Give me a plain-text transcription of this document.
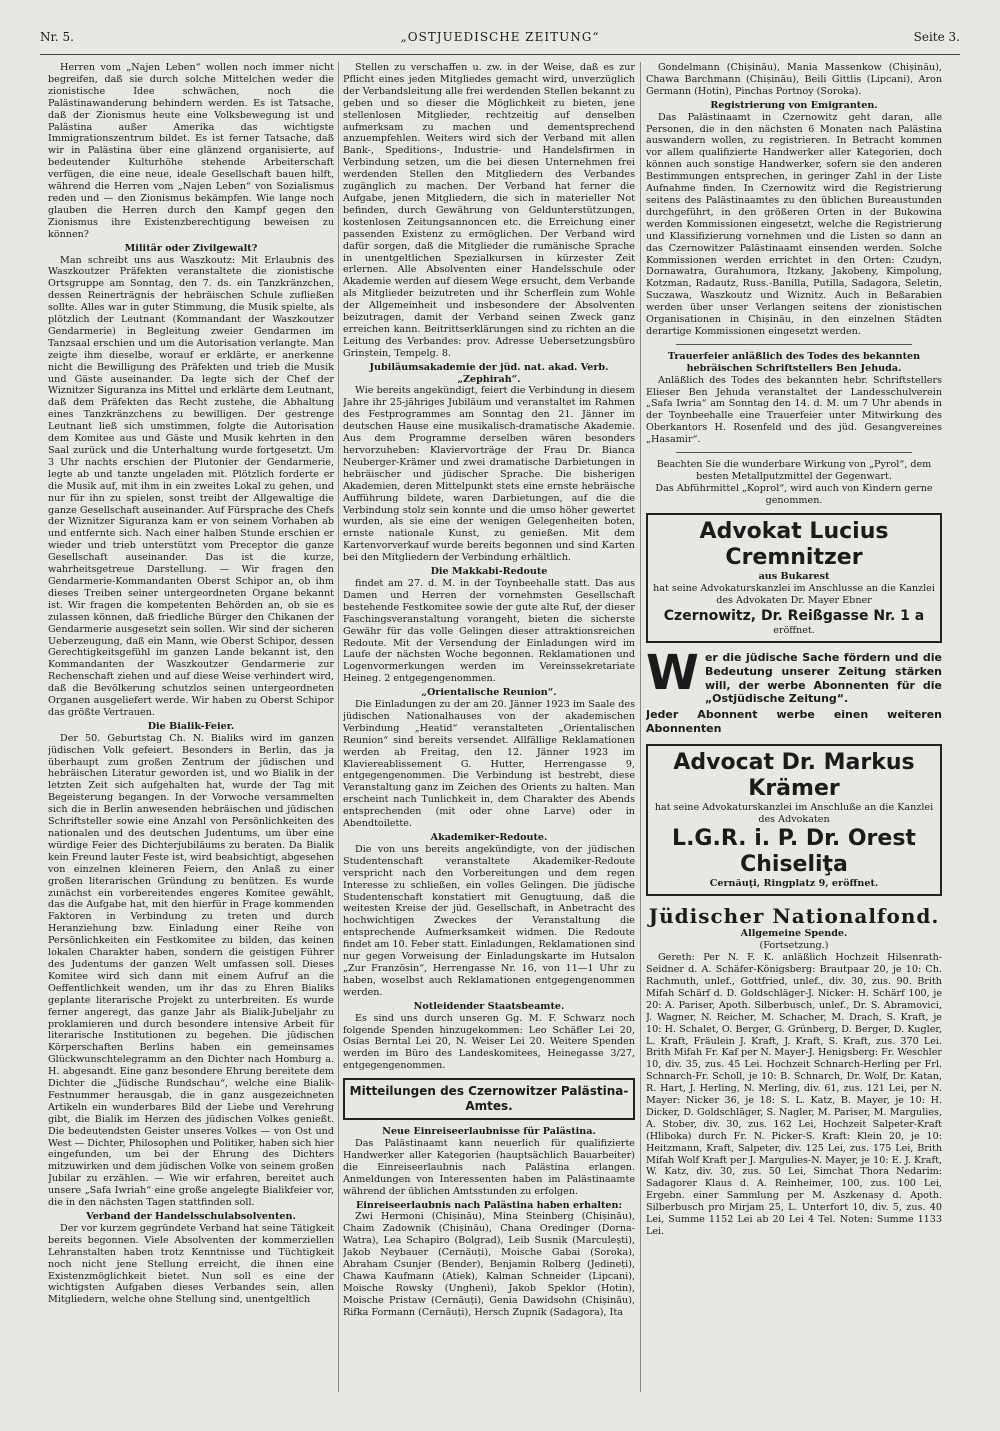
Nr. 5.	„OSTJUEDISCHE ZEITUNG“	Seite 3.

Herren vom „Najen Leben“ wollen noch immer nicht begreifen, daß sie durch solche Mittelchen weder die zionistische Idee schwächen, noch die Palästinawanderung behindern werden. Es ist Tatsache, daß der Zionismus heute eine Volksbewegung ist und Palästina außer Amerika das wichtigste Immigrationszentrum bildet. Es ist ferner Tatsache, daß wir in Palästina über eine glänzend organisierte, auf bedeutender Kulturhöhe stehende Arbeiterschaft verfügen, die eine neue, ideale Gesellschaft bauen hilft, während die Herren vom „Najen Leben“ von Sozialismus reden und — den Zionismus bekämpfen. Wie lange noch glauben die Herren durch den Kampf gegen den Zionismus ihre Existenzberechtigung beweisen zu können?

Militär oder Zivilgewalt?

Man schreibt uns aus Waszkoutz: Mit Erlaubnis des Waszkoutzer Präfekten veranstaltete die zionistische Ortsgruppe am Sonntag, den 7. ds. ein Tanzkränzchen, dessen Reinerträgnis der hebräischen Schule zufließen sollte. Alles war in guter Stimmung, die Musik spielte, als plötzlich der Leutnant (Kommandant der Waszkoutzer Gendarmerie) in Begleitung zweier Gendarmen im Tanzsaal erschien und um die Autorisation verlangte. Man zeigte ihm dieselbe, worauf er erklärte, er anerkenne nicht die Bewilligung des Präfekten und trieb die Musik und Gäste auseinander. Da legte sich der Chef der Wiznitzer Siguranza ins Mittel und erklärte dem Leutnant, daß dem Präfekten das Recht zustehe, die Abhaltung eines Tanzkränzchens zu bewilligen. Der gestrenge Leutnant ließ sich umstimmen, folgte die Autorisation dem Komitee aus und Gäste und Musik kehrten in den Saal zurück und die Unterhaltung wurde fortgesetzt. Um 3 Uhr nachts erschien der Plutonier der Gendarmerie, legte ab und tanzte ungeladen mit. Plötzlich forderte er die Musik auf, mit ihm in ein zweites Lokal zu gehen, und nur für ihn zu spielen, sonst treibt der Allgewaltige die ganze Gesellschaft auseinander. Auf Fürsprache des Chefs der Wiznitzer Siguranza kam er von seinem Vorhaben ab und entfernte sich. Nach einer halben Stunde erschien er wieder und trieb unterstützt vom Preceptor die ganze Gesellschaft auseinander. Das ist die kurze, wahrheitsgetreue Darstellung. — Wir fragen den Gendarmerie-Kommandanten Oberst Schipor an, ob ihm dieses Treiben seiner untergeordneten Organe bekannt ist. Wir fragen die kompetenten Behörden an, ob sie es zulassen können, daß friedliche Bürger den Chikanen der Gendarmerie ausgesetzt sein sollen. Wir sind der sicheren Ueberzeugung, daß ein Mann, wie Oberst Schipor, dessen Gerechtigkeitsgefühl im ganzen Lande bekannt ist, den Kommandanten der Waszkoutzer Gendarmerie zur Rechenschaft ziehen und auf diese Weise verhindert wird, daß die Bevölkerung schutzlos seinen untergeordneten Organen ausgeliefert werde. Wir haben zu Oberst Schipor das größte Vertrauen.

Die Bialik-Feier.

Der 50. Geburtstag Ch. N. Bialiks wird im ganzen jüdischen Volk gefeiert. Besonders in Berlin, das ja überhaupt zum großen Zentrum der jüdischen und hebräischen Literatur geworden ist, und wo Bialik in der letzten Zeit sich aufgehalten hat, wurde der Tag mit Begeisterung begangen. In der Vorwoche versammelten sich die in Berlin anwesenden hebräischen und jüdischen Schriftsteller sowie eine Anzahl von Persönlichkeiten des nationalen und des deutschen Judentums, um über eine würdige Feier des Dichterjubiläums zu beraten. Da Bialik kein Freund lauter Feste ist, wird beabsichtigt, abgesehen von einzelnen kleineren Feiern, den Anlaß zu einer großen literarischen Gründung zu benützen. Es wurde zunächst ein vorbereitendes engeres Komitee gewählt, das die Aufgabe hat, mit den hierfür in Frage kommenden Faktoren in Verbindung zu treten und durch Heranziehung bzw. Einladung einer Reihe von Persönlichkeiten ein Festkomitee zu bilden, das keinen lokalen Charakter haben, sondern die geistigen Führer des Judentums der ganzen Welt umfassen soll. Dieses Komitee wird sich dann mit einem Aufruf an die Oeffentlichkeit wenden, um ihr das zu Ehren Bialiks geplante literarische Projekt zu unterbreiten. Es wurde ferner angeregt, das ganze Jahr als Bialik-Jubeljahr zu proklamieren und durch besondere intensive Arbeit für literarische Institutionen zu begehen. Die jüdischen Körperschaften Berlins haben ein gemeinsames Glückwunschtelegramm an den Dichter nach Homburg a. H. abgesandt. Eine ganz besondere Ehrung bereitete dem Dichter die „Jüdische Rundschau“, welche eine Bialik-Festnummer herausgab, die in ganz ausgezeichneten Artikeln ein wunderbares Bild der Liebe und Verehrung gibt, die Bialik im Herzen des jüdischen Volkes genießt. Die bedeutendsten Geister unseres Volkes — von Ost und West — Dichter, Philosophen und Politiker, haben sich hier eingefunden, um bei der Ehrung des Dichters mitzuwirken und dem jüdischen Volke von seinem großen Jubilar zu erzählen. — Wie wir erfahren, bereitet auch unsere „Safa Iwriah“ eine große angelegte Bialikfeier vor, die in den nächsten Tagen stattfinden soll.

Verband der Handelsschulabsolventen.

Der vor kurzem gegründete Verband hat seine Tätigkeit bereits begonnen. Viele Absolventen der kommerziellen Lehranstalten haben trotz Kenntnisse und Tüchtigkeit noch nicht jene Stellung erreicht, die ihnen eine Existenzmöglichkeit bietet. Nun soll es eine der wichtigsten Aufgaben dieses Verbandes sein, allen Mitgliedern, welche ohne Stellung sind, unentgeltlich

Stellen zu verschaffen u. zw. in der Weise, daß es zur Pflicht eines jeden Mitgliedes gemacht wird, unverzüglich der Verbandsleitung alle frei werdenden Stellen bekannt zu geben und so dieser die Möglichkeit zu bieten, jene stellenlosen Mitglieder, rechtzeitig auf denselben aufmerksam zu machen und dementsprechend anzuempfehlen. Weiters wird sich der Verband mit allen Bank-, Speditions-, Industrie- und Handelsfirmen in Verbindung setzen, um die bei diesen Unternehmen frei werdenden Stellen den Mitgliedern des Verbandes zugänglich zu machen. Der Verband hat ferner die Aufgabe, jenen Mitgliedern, die sich in materieller Not befinden, durch Gewährung von Geldunterstützungen, kostenlosen Zeitungsannoncen etc. die Erreichung einer passenden Existenz zu ermöglichen. Der Verband wird dafür sorgen, daß die Mitglieder die rumänische Sprache in unentgeltlichen Spezialkursen in kürzester Zeit erlernen. Alle Absolventen einer Handelsschule oder Akademie werden auf diesem Wege ersucht, dem Verbande als Mitglieder beizutreten und ihr Scherflein zum Wohle der Allgemeinheit und insbesondere der Absolventen beizutragen, damit der Verband seinen Zweck ganz erreichen kann. Beitrittserklärungen sind zu richten an die Leitung des Verbandes: prov. Adresse Uebersetzungsbüro Grinștein, Tempelg. 8.

Jubiläumsakademie der jüd. nat. akad. Verb. „Zephirah“.

Wie bereits angekündigt, feiert die Verbindung in diesem Jahre ihr 25-jähriges Jubiläum und veranstaltet im Rahmen des Festprogrammes am Sonntag den 21. Jänner im deutschen Hause eine musikalisch-dramatische Akademie. Aus dem Programme derselben wären besonders hervorzuheben: Klaviervorträge der Frau Dr. Bianca Neuberger-Krämer und zwei dramatische Darbietungen in hebräischer und jüdischer Sprache. Die bisherigen Akademien, deren Mittelpunkt stets eine ernste hebräische Aufführung bildete, waren Darbietungen, auf die die Verbindung stolz sein konnte und die umso höher gewertet wurden, als sie eine der wenigen Gelegenheiten boten, ernste nationale Kunst, zu genießen. Mit dem Kartenvorverkauf wurde bereits begonnen und sind Karten bei den Mitgliedern der Verbindung erhältlich.

Die Makkabi-Redoute

findet am 27. d. M. in der Toynbeehalle statt. Das aus Damen und Herren der vornehmsten Gesellschaft bestehende Festkomitee sowie der gute alte Ruf, der dieser Faschingsveranstaltung vorangeht, bieten die sicherste Gewähr für das volle Gelingen dieser attraktionsreichen Redoute. Mit der Versendung der Einladungen wird im Laufe der nächsten Woche begonnen. Reklamationen und Logenvormerkungen werden im Vereinssekretariate Heineg. 2 entgegengenommen.

„Orientalische Reunion“.

Die Einladungen zu der am 20. Jänner 1923 im Saale des jüdischen Nationalhauses von der akademischen Verbindung „Heatid“ veranstalteten „Orientalischen Reunion“ sind bereits versendet. Allfällige Reklamationen werden ab Freitag, den 12. Jänner 1923 im Klaviereablissement G. Hutter, Herrengasse 9, entgegengenommen. Die Verbindung ist bestrebt, diese Veranstaltung ganz im Zeichen des Orients zu halten. Man erscheint nach Tunlichkeit in, dem Charakter des Abends entsprechenden (mit oder ohne Larve) oder in Abendtoilette.

Akademiker-Redoute.

Die von uns bereits angekündigte, von der jüdischen Studentenschaft veranstaltete Akademiker-Redoute verspricht nach den Vorbereitungen und dem regen Interesse zu schließen, ein volles Gelingen. Die jüdische Studentenschaft konstatiert mit Genugtuung, daß die weitesten Kreise der jüd. Gesellschaft, in Anbetracht des hochwichtigen Zweckes der Veranstaltung die entsprechende Aufmerksamkeit widmen. Die Redoute findet am 10. Feber statt. Einladungen, Reklamationen sind nur gegen Vorweisung der Einladungskarte im Hutsalon „Zur Französin“, Herrengasse Nr. 16, von 11—1 Uhr zu haben, woselbst auch Reklamationen entgegengenommen werden.

Notleidender Staatsbeamte.

Es sind uns durch unseren Gg. M. F. Schwarz noch folgende Spenden hinzugekommen: Leo Schäfler Lei 20, Osias Berntal Lei 20, N. Weiser Lei 20. Weitere Spenden werden im Büro des Landeskomitees, Heinegasse 3/27, entgegengenommen.

Mitteilungen des Czernowitzer Palästina-Amtes.

Neue Einreiseerlaubnisse für Palästina.

Das Palästinaamt kann neuerlich für qualifizierte Handwerker aller Kategorien (hauptsächlich Bauarbeiter) die Einreiseerlaubnis nach Palästina erlangen. Anmeldungen von Interessenten haben im Palästinaamte während der üblichen Amtsstunden zu erfolgen.

Einreiseerlaubnis nach Palästina haben erhalten:

Zwi Hermoni (Chișinău), Mina Steinberg (Chișinău), Chaim Zadownik (Chișinău), Chana Oredinger (Dorna-Watra), Lea Schapiro (Bolgrad), Leib Susnik (Marculești), Jakob Neybauer (Cernăuți), Moische Gabai (Soroka), Abraham Csunjer (Bender), Benjamin Rolberg (Jedineți), Chawa Kaufmann (Atiek), Kalman Schneider (Lipcani), Moische Rowsky (Unghenì), Jakob Speklor (Hotin), Moische Pristaw (Cernăuți), Genia Dawidsohn (Chișinău), Rifka Formann (Cernăuți), Hersch Zupnik (Sadagora), Ita

Gondelmann (Chișinău), Mania Massenkow (Chișinău), Chawa Barchmann (Chișinău), Beili Gittlis (Lipcani), Aron Germann (Hotin), Pinchas Portnoy (Soroka).

Registrierung von Emigranten.

Das Palästinaamt in Czernowitz geht daran, alle Personen, die in den nächsten 6 Monaten nach Palästina auswandern wollen, zu registrieren. In Betracht kommen vor allem qualifizierte Handwerker aller Kategorien, doch können auch sonstige Handwerker, sofern sie den anderen Bestimmungen entsprechen, in geringer Zahl in der Liste Aufnahme finden. In Czernowitz wird die Registrierung seitens des Palästinaamtes zu den üblichen Bureaustunden durchgeführt, in den größeren Orten in der Bukowina werden Kommissionen eingesetzt, welche die Registrierung und Klassifizierung vornehmen und die Listen so dann an das Czernowitzer Palästinaamt einsenden werden. Solche Kommissionen werden errichtet in den Orten: Czudyn, Dornawatra, Gurahumora, Itzkany, Jakobeny, Kimpolung, Kotzman, Radautz, Russ.-Banilla, Putilla, Sadagora, Seletin, Suczawa, Waszkoutz und Wiznitz. Auch in Beßarabien werden über unser Verlangen seitens der zionistischen Organisationen in Chișinău, in den einzelnen Städten derartige Kommissionen eingesetzt werden.

Trauerfeier anläßlich des Todes des bekannten hebräischen Schriftstellers Ben Jehuda.

Anläßlich des Todes des bekannten hebr. Schriftstellers Elieser Ben Jehuda veranstaltet der Landesschulverein „Safa Iwria“ am Sonntag den 14. d. M. um 7 Uhr abends in der Toynbeehalle eine Trauerfeier unter Mitwirkung des Oberkantors H. Rosenfeld und des jüd. Gesangvereines „Hasamir“.

Beachten Sie die wunderbare Wirkung von „Pyrol“, dem besten Metallputzmittel der Gegenwart.

Das Abführmittel „Koprol“, wird auch von Kindern gerne genommen.

Advokat Lucius Cremnitzer
aus Bukarest
hat seine Advokaturskanzlei im Anschlusse an die Kanzlei des Advokaten Dr. Mayer Ebner
Czernowitz, Dr. Reißgasse Nr. 1 a
eröffnet.
W er die jüdische Sache fördern und die Bedeutung unserer Zeitung stärken will, der werbe Abonnenten für die „Ostjüdische Zeitung“.
Jeder Abonnent werbe einen weiteren Abonnenten
Advocat Dr. Markus Krämer
hat seine Advokaturskanzlei im Anschluße an die Kanzlei des Advokaten
L.G.R. i. P. Dr. Orest Chiseliţa
Cernăuţi, Ringplatz 9, eröffnet.

Jüdischer Nationalfond.

Allgemeine Spende.

(Fortsetzung.)

Gereth: Per N. F. K. anläßlich Hochzeit Hilsenrath-Seidner d. A. Schäfer-Königsberg: Brautpaar 20, je 10: Ch. Rachmuth, unlef., Gottfried, unlef., div. 30, zus. 90. Brith Mifah Schärf d. D. Goldschläger-J. Nicker: H. Schärf 100, je 20: A. Pariser, Apoth. Silberbusch, unlef., Dr. S. Abramovici, J. Wagner, N. Reicher, M. Schacher, M. Drach, S. Kraft, je 10: H. Schalet, O. Berger, G. Grünberg, D. Berger, D. Kugler, L. Kraft, Fräulein J. Kraft, J. Kraft, S. Kraft, zus. 370 Lei. Brith Mifah Fr. Kaf per N. Mayer-J. Henigsberg: Fr. Weschler 10, div. 35, zus. 45 Lei. Hochzeit Schnarch-Herling per Frl. Schnarch-Fr. Scholl, je 10: B. Schnarch, Dr. Wolf, Dr. Katan, R. Hart, J. Herling, N. Merling, div. 61, zus. 121 Lei, per N. Mayer: Nicker 36, je 18: S. L. Katz, B. Mayer, je 10: H. Dicker, D. Goldschläger, S. Nagler, M. Pariser, M. Margulies, A. Stober, div. 30, zus. 162 Lei, Hochzeit Salpeter-Kraft (Hliboka) durch Fr. N. Picker-S. Kraft: Klein 20, je 10: Heitzmann, Kraft, Salpeter, div. 125 Lei, zus. 175 Lei, Brith Mifah Wolf Kraft per J. Margulies-N. Mayer, je 10: E. J. Kraft, W. Katz, div. 30, zus. 50 Lei, Simchat Thora Nedarim: Sadagorer Klaus d. A. Reinheimer, 100, zus. 100 Lei, Ergebn. einer Sammlung per M. Aszkenasy d. Apoth. Silberbusch pro Mirjam 25, L. Unterfort 10, div. 5, zus. 40 Lei, Summe 1152 Lei ab 20 Lei 4 Tel. Noten: Summe 1133 Lei.
